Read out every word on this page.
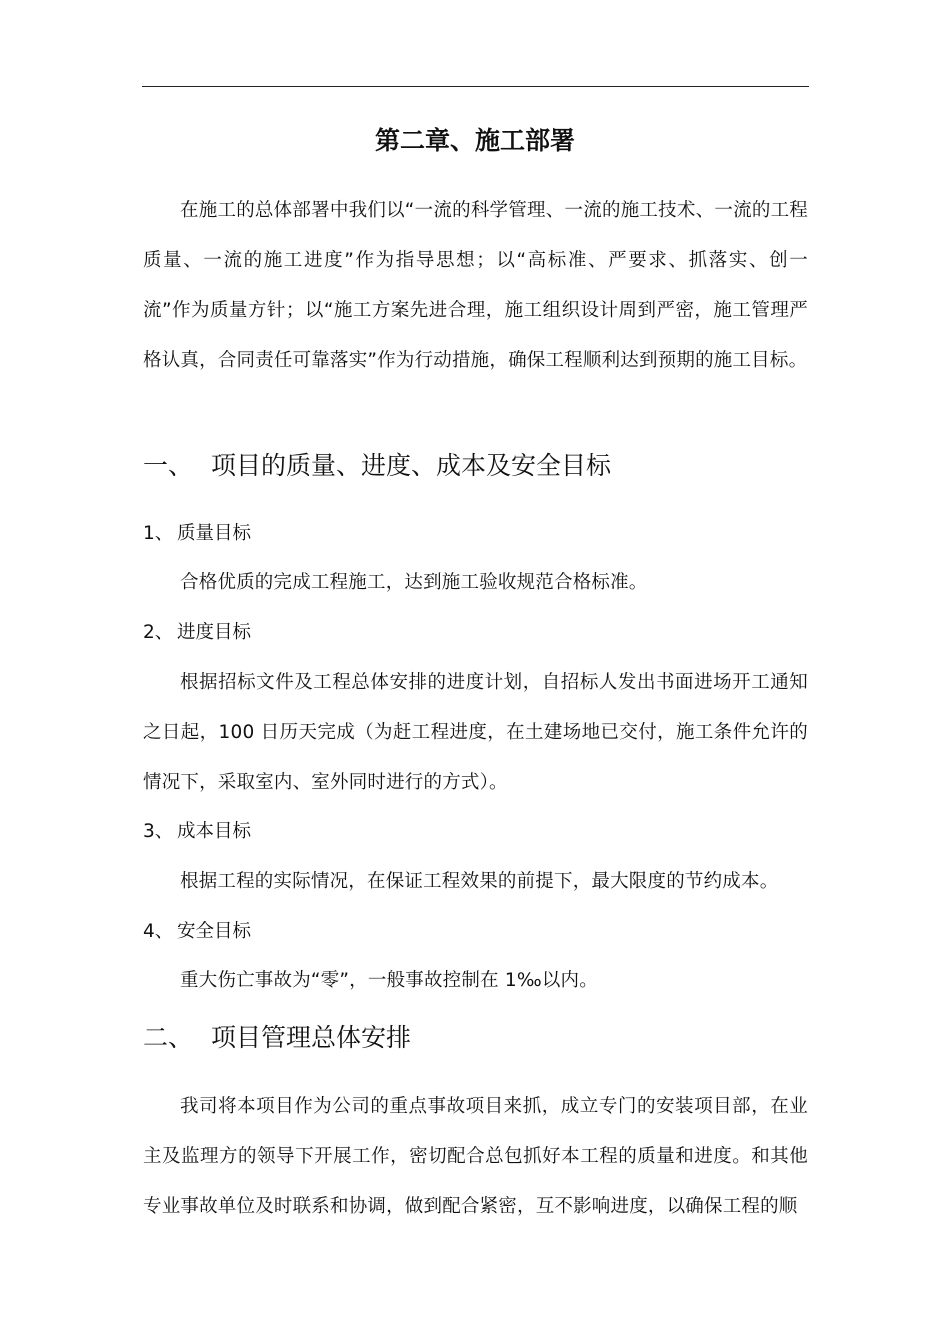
第二章、施工部署

在施工的总体部署中我们以“一流的科学管理、一流的施工技术、一流的工程质量、一流的施工进度”作为指导思想；以“高标准、严要求、抓落实、创一流”作为质量方针；以“施工方案先进合理，施工组织设计周到严密，施工管理严格认真，合同责任可靠落实”作为行动措施，确保工程顺利达到预期的施工目标。

一、 项目的质量、进度、成本及安全目标
1、 质量目标

合格优质的完成工程施工，达到施工验收规范合格标准。

2、 进度目标

根据招标文件及工程总体安排的进度计划，自招标人发出书面进场开工通知之日起，100 日历天完成（为赶工程进度，在土建场地已交付，施工条件允许的情况下，采取室内、室外同时进行的方式）。

3、 成本目标

根据工程的实际情况，在保证工程效果的前提下，最大限度的节约成本。

4、 安全目标

重大伤亡事故为“零”，一般事故控制在 1‰以内。

二、 项目管理总体安排

我司将本项目作为公司的重点事故项目来抓，成立专门的安装项目部，在业主及监理方的领导下开展工作，密切配合总包抓好本工程的质量和进度。和其他专业事故单位及时联系和协调，做到配合紧密，互不影响进度，以确保工程的顺
